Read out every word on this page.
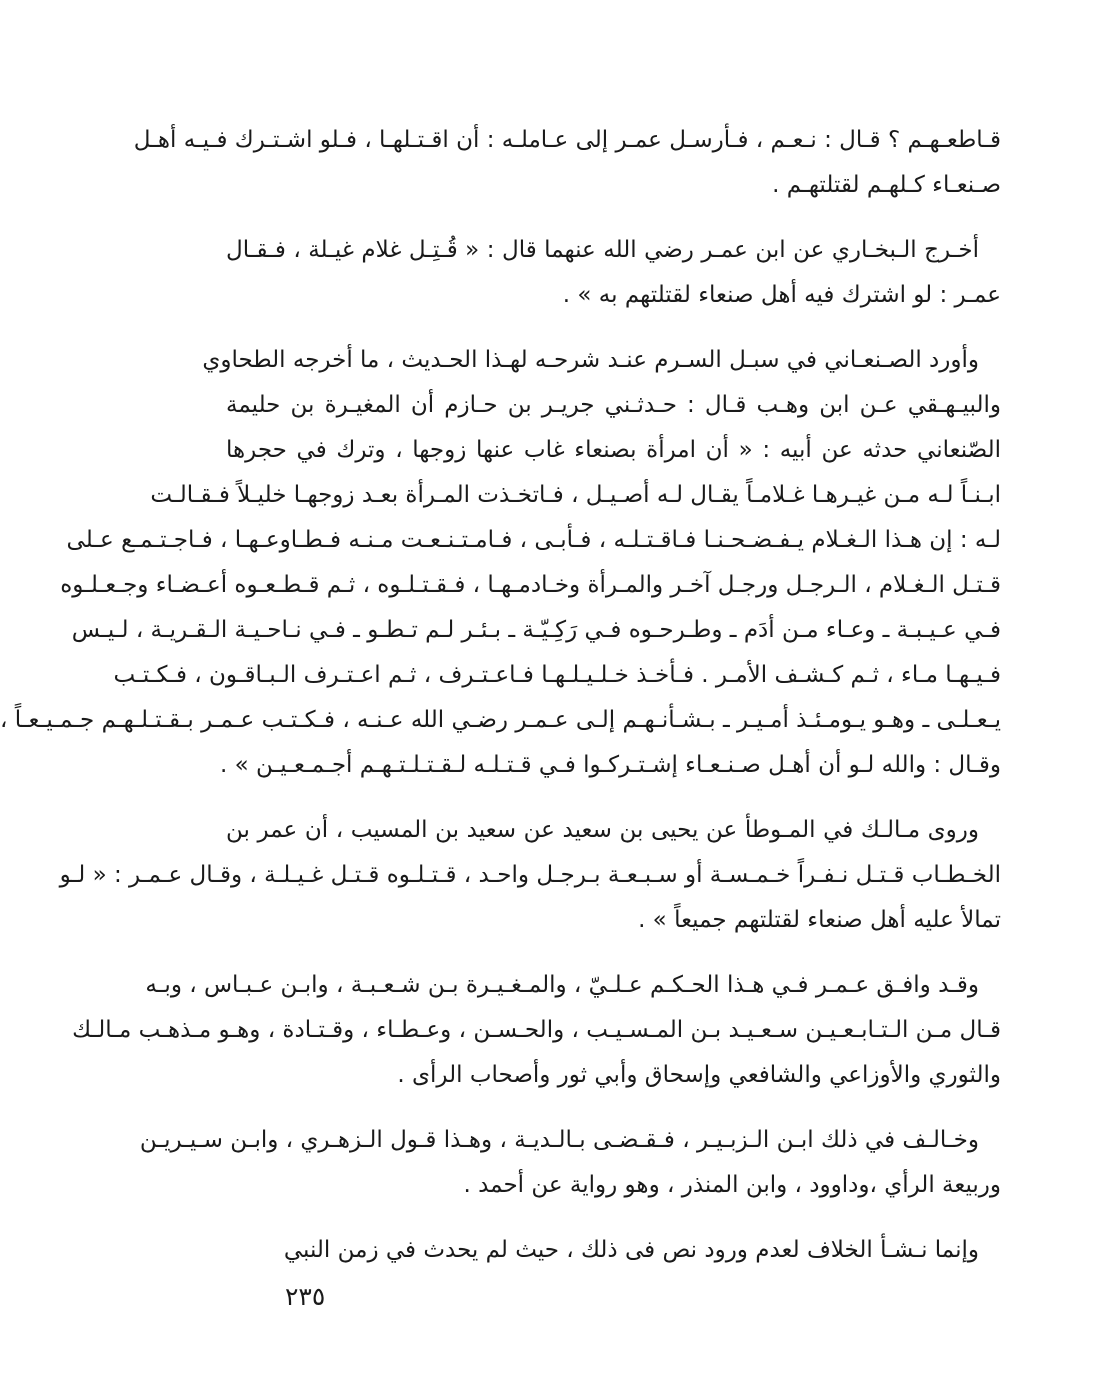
قـاطعـهـم ؟ قـال : نـعـم ، فـأرسـل عمـر إلى عـاملـه : أن اقـتـلهـا ، فـلو اشـتـرك فـيـه أهـل
صـنعـاء كـلهـم لقتلتهـم .

أخـرج الـبخـاري عن ابن عمـر رضي الله عنهما قال : « قُـتِـل غلام غيـلة ، فـقـال
عمـر : لو اشترك فيه أهل صنعاء لقتلتهم به » .

وأورد الصـنعـاني في سبـل السـرم عنـد شرحـه لهـذا الحـديث ، ما أخرجه الطحاوي
والبيـهـقي عـن ابن وهـب قـال : حـدثـني جريـر بن حـازم أن المغيـرة بن حليمة
الصّنعاني حدثه عن أبيه : « أن امرأة بصنعاء غاب عنها زوجها ، وترك في حجرها
ابـنـاً لـه مـن غيـرهـا غـلامـاً يقـال لـه أصـيـل ، فـاتخـذت المـرأة بعـد زوجهـا خليـلاً فـقـالـت
لـه : إن هـذا الـغـلام يـفـضـحـنـا فـاقـتـلـه ، فـأبـى ، فـامـتـنـعـت مـنـه فـطـاوعـهـا ، فـاجـتـمـع عـلى
قـتـل الـغـلام ، الـرجـل ورجـل آخـر والمـرأة وخـادمـهـا ، فـقـتـلـوه ، ثـم قـطـعـوه أعـضـاء وجـعـلـوه
فـي عـيـبـة ـ وعـاء مـن أدَم ـ وطـرحـوه فـي رَكِـيّـة ـ بـئـر لـم تـطـو ـ فـي نـاحـيـة الـقـريـة ، لـيـس
فـيـهـا مـاء ، ثـم كـشـف الأمـر . فـأخـذ خـلـيـلـهـا فـاعـتـرف ، ثـم اعـتـرف الـبـاقـون ، فـكـتـب
يـعـلـى ـ وهـو يـومـئـذ أمـيـر ـ بـشـأنـهـم إلـى عـمـر رضـي الله عـنـه ، فـكـتـب عـمـر بـقـتـلـهـم جـمـيـعـاً ،
وقـال : والله لـو أن أهـل صـنـعـاء إشـتـركـوا فـي قـتـلـه لـقـتـلـتـهـم أجـمـعـيـن » .

وروى مـالـك في المـوطأ عن يحيى بن سعيد عن سعيد بن المسيب ، أن عمر بن
الخـطـاب قـتـل نـفـراً خـمـسـة أو سـبـعـة بـرجـل واحـد ، قـتـلـوه قـتـل غـيـلـة ، وقـال عـمـر : « لـو
تمالأ عليه أهل صنعاء لقتلتهم جميعاً » .

وقـد وافـق عـمـر فـي هـذا الحـكـم عـلـيّ ، والمـغـيـرة بـن شـعـبـة ، وابـن عـبـاس ، وبـه
قـال مـن الـتـابـعـيـن سـعـيـد بـن المـسـيـب ، والحـسـن ، وعـطـاء ، وقـتـادة ، وهـو مـذهـب مـالـك
والثوري والأوزاعي والشافعي وإسحاق وأبي ثور وأصحاب الرأى .

وخـالـف في ذلك ابـن الـزبـيـر ، فـقـضـى بـالـديـة ، وهـذا قـول الـزهـري ، وابـن سـيـريـن
وربيعة الرأي ،وداوود ، وابن المنذر ، وهو رواية عن أحمد .

وإنما نـشـأ الخلاف لعدم ورود نص فى ذلك ، حيث لم يحدث في زمن النبي

٢٣٥
